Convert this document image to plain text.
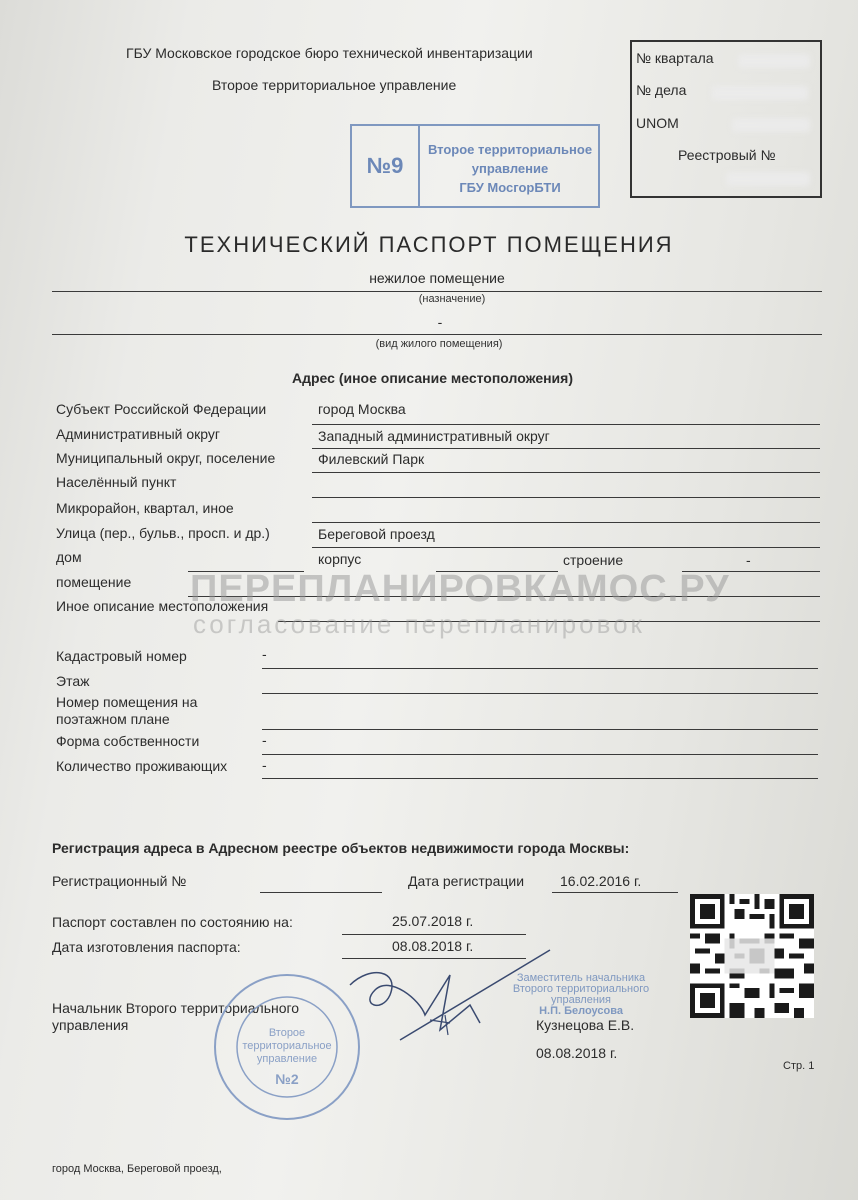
ГБУ Московское городское бюро технической инвентаризации
Второе территориальное управление
№ квартала
№ дела
UNOM
Реестровый №
№9
Второе территориальное
управление
ГБУ МосгорБТИ
ТЕХНИЧЕСКИЙ ПАСПОРТ ПОМЕЩЕНИЯ
нежилое помещение
(назначение)
-
(вид жилого помещения)
Адрес (иное описание местоположения)
Субъект Российской Федерации	город Москва
Административный округ	Западный административный округ
Муниципальный округ, поселение	Филевский Парк
Населённый пункт
Микрорайон, квартал, иное
Улица (пер., бульв., просп. и др.)	Береговой проезд
дом	корпус	строение	-
помещение
Иное описание местоположения
ПЕРЕПЛАНИРОВКАМОС.РУ
согласование перепланировок
Кадастровый номер	-
Этаж
Номер помещения на
поэтажном плане
Форма собственности	-
Количество проживающих -
Регистрация адреса в Адресном реестре объектов недвижимости города Москвы:
Регистрационный №	Дата регистрации	16.02.2016 г.
Паспорт составлен по состоянию на:	25.07.2018 г.
Дата изготовления паспорта:	08.08.2018 г.
Начальник Второго территориального
управления
Заместитель начальника
Второго территориального
управления
Н.П. Белоусова
Кузнецова Е.В.
08.08.2018 г.
Второе
территориальное
управление
№2
Стр. 1
город Москва, Береговой проезд,
